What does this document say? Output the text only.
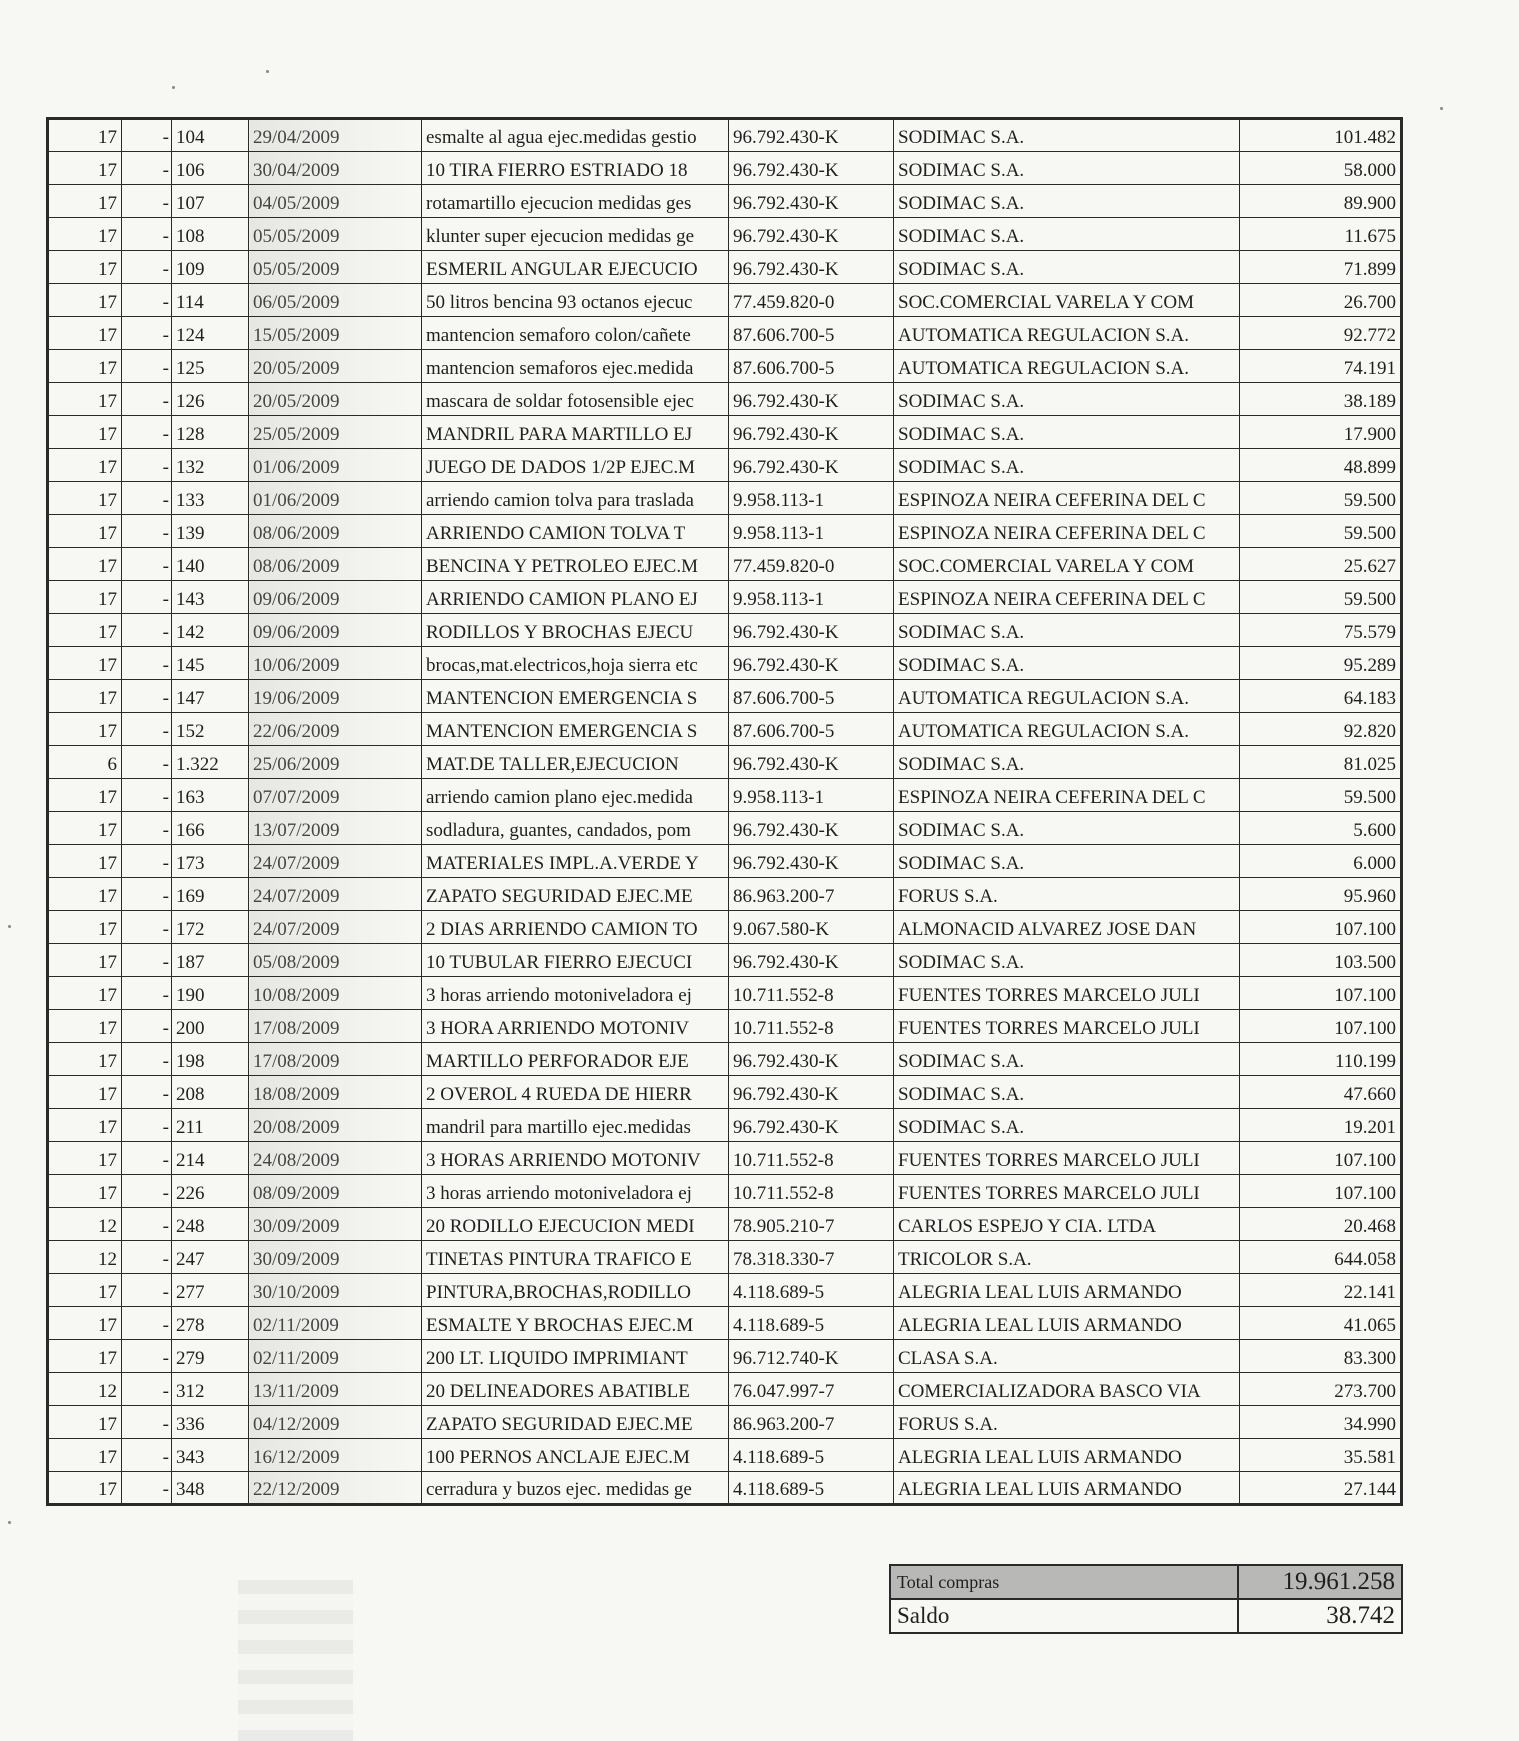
17	-	104	29/04/2009	esmalte al agua ejec.medidas gestio	96.792.430-K	SODIMAC S.A.	101.482
17	-	106	30/04/2009	10 TIRA FIERRO ESTRIADO 18	96.792.430-K	SODIMAC S.A.	58.000
17	-	107	04/05/2009	rotamartillo ejecucion medidas ges	96.792.430-K	SODIMAC S.A.	89.900
17	-	108	05/05/2009	klunter super ejecucion medidas ge	96.792.430-K	SODIMAC S.A.	11.675
17	-	109	05/05/2009	ESMERIL ANGULAR EJECUCIO	96.792.430-K	SODIMAC S.A.	71.899
17	-	114	06/05/2009	50 litros bencina 93 octanos ejecuc	77.459.820-0	SOC.COMERCIAL VARELA Y COM	26.700
17	-	124	15/05/2009	mantencion semaforo colon/cañete	87.606.700-5	AUTOMATICA REGULACION S.A.	92.772
17	-	125	20/05/2009	mantencion semaforos ejec.medida	87.606.700-5	AUTOMATICA REGULACION S.A.	74.191
17	-	126	20/05/2009	mascara de soldar fotosensible ejec	96.792.430-K	SODIMAC S.A.	38.189
17	-	128	25/05/2009	MANDRIL PARA MARTILLO EJ	96.792.430-K	SODIMAC S.A.	17.900
17	-	132	01/06/2009	JUEGO DE DADOS 1/2P EJEC.M	96.792.430-K	SODIMAC S.A.	48.899
17	-	133	01/06/2009	arriendo camion tolva para traslada	9.958.113-1	ESPINOZA NEIRA CEFERINA DEL C	59.500
17	-	139	08/06/2009	ARRIENDO CAMION TOLVA T	9.958.113-1	ESPINOZA NEIRA CEFERINA DEL C	59.500
17	-	140	08/06/2009	BENCINA Y PETROLEO EJEC.M	77.459.820-0	SOC.COMERCIAL VARELA Y COM	25.627
17	-	143	09/06/2009	ARRIENDO CAMION PLANO EJ	9.958.113-1	ESPINOZA NEIRA CEFERINA DEL C	59.500
17	-	142	09/06/2009	RODILLOS Y BROCHAS EJECU	96.792.430-K	SODIMAC S.A.	75.579
17	-	145	10/06/2009	brocas,mat.electricos,hoja sierra etc	96.792.430-K	SODIMAC S.A.	95.289
17	-	147	19/06/2009	MANTENCION EMERGENCIA S	87.606.700-5	AUTOMATICA REGULACION S.A.	64.183
17	-	152	22/06/2009	MANTENCION EMERGENCIA S	87.606.700-5	AUTOMATICA REGULACION S.A.	92.820
6	-	1.322	25/06/2009	MAT.DE TALLER,EJECUCION	96.792.430-K	SODIMAC S.A.	81.025
17	-	163	07/07/2009	arriendo camion plano ejec.medida	9.958.113-1	ESPINOZA NEIRA CEFERINA DEL C	59.500
17	-	166	13/07/2009	sodladura, guantes, candados, pom	96.792.430-K	SODIMAC S.A.	5.600
17	-	173	24/07/2009	MATERIALES IMPL.A.VERDE Y	96.792.430-K	SODIMAC S.A.	6.000
17	-	169	24/07/2009	ZAPATO SEGURIDAD EJEC.ME	86.963.200-7	FORUS S.A.	95.960
17	-	172	24/07/2009	2 DIAS ARRIENDO CAMION TO	9.067.580-K	ALMONACID ALVAREZ JOSE DAN	107.100
17	-	187	05/08/2009	10 TUBULAR FIERRO EJECUCI	96.792.430-K	SODIMAC S.A.	103.500
17	-	190	10/08/2009	3 horas arriendo motoniveladora ej	10.711.552-8	FUENTES TORRES MARCELO JULI	107.100
17	-	200	17/08/2009	3 HORA ARRIENDO MOTONIV	10.711.552-8	FUENTES TORRES MARCELO JULI	107.100
17	-	198	17/08/2009	MARTILLO PERFORADOR EJE	96.792.430-K	SODIMAC S.A.	110.199
17	-	208	18/08/2009	2 OVEROL 4 RUEDA DE HIERR	96.792.430-K	SODIMAC S.A.	47.660
17	-	211	20/08/2009	mandril para martillo ejec.medidas	96.792.430-K	SODIMAC S.A.	19.201
17	-	214	24/08/2009	3 HORAS ARRIENDO MOTONIV	10.711.552-8	FUENTES TORRES MARCELO JULI	107.100
17	-	226	08/09/2009	3 horas arriendo motoniveladora ej	10.711.552-8	FUENTES TORRES MARCELO JULI	107.100
12	-	248	30/09/2009	20 RODILLO EJECUCION MEDI	78.905.210-7	CARLOS ESPEJO Y CIA. LTDA	20.468
12	-	247	30/09/2009	TINETAS PINTURA TRAFICO E	78.318.330-7	TRICOLOR S.A.	644.058
17	-	277	30/10/2009	PINTURA,BROCHAS,RODILLO	4.118.689-5	ALEGRIA LEAL LUIS ARMANDO	22.141
17	-	278	02/11/2009	ESMALTE Y BROCHAS EJEC.M	4.118.689-5	ALEGRIA LEAL LUIS ARMANDO	41.065
17	-	279	02/11/2009	200 LT. LIQUIDO IMPRIMIANT	96.712.740-K	CLASA S.A.	83.300
12	-	312	13/11/2009	20 DELINEADORES ABATIBLE	76.047.997-7	COMERCIALIZADORA BASCO VIA	273.700
17	-	336	04/12/2009	ZAPATO SEGURIDAD EJEC.ME	86.963.200-7	FORUS S.A.	34.990
17	-	343	16/12/2009	100 PERNOS ANCLAJE EJEC.M	4.118.689-5	ALEGRIA LEAL LUIS ARMANDO	35.581
17	-	348	22/12/2009	cerradura y buzos ejec. medidas ge	4.118.689-5	ALEGRIA LEAL LUIS ARMANDO	27.144
Total compras	19.961.258
Saldo	38.742
